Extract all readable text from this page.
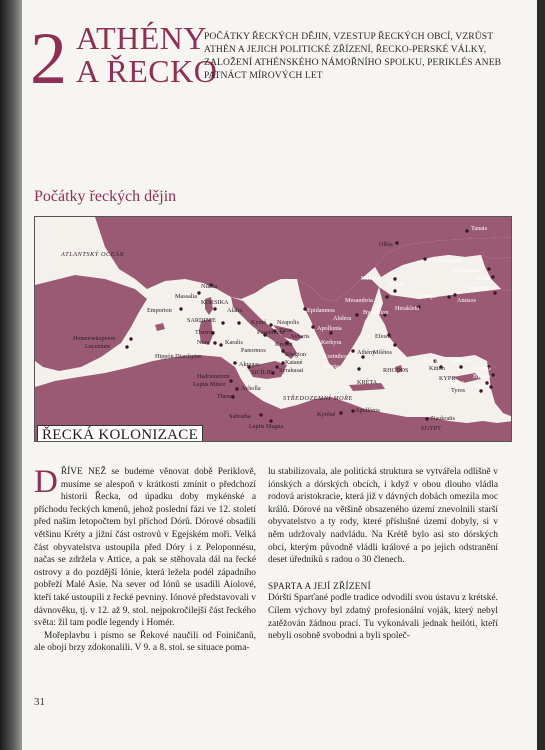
2 ATHÉNY
A ŘECKO
POČÁTKY ŘECKÝCH DĚJIN, VZESTUP ŘECKÝCH OBCÍ, VZRŮST ATHÉN A JEJICH POLITICKÉ ZŘÍZENÍ, ŘECKO-PERSKÉ VÁLKY, ZALOŽENÍ ATHÉNSKÉHO NÁMOŘNÍHO SPOLKU, PERIKLÉS ANEB PATNÁCT MÍROVÝCH LET
Počátky řeckých dějin
ATLANTSKÝ OCEÁN
STŘEDOZEMNÍ MOŘE
Tanais
Olbia
Pantikapaion
Dioskurias
Fasis
Trapezus
Kallatis
Tomoi
Mesambria
Sinope
Amisos
Herakleia
Byzantion
Nikaia
Massalia
Emporion
KORSIKA
Alalia
SARDINIE
Tharros
Nora	Karalis
Hemeroskopeion
Lucentum
Hippón Diarrhytos
Kymé Neapolis
Poseidonia
Taras
Sybaris
Krotón
Epidamnos
Apollonia
Kerkyra
Abdera
Korinthos
Athény
Sparta
Milétos
Efesos
Panormos
Rhégion
Katané
Syrakusai
Akragas
SICÍLIE
Hadrumetum
Leptis Minor
Acholla
Thenai
Sabratha
Leptis Magna
KRÉTA
RHODOS
KYPR
Fasélis
Kitión
Salamis
Aradus
Byblos
Bérytos
Sidón
Tyros
Kyréné
Apollónia
Naukratis
EGYPT
ŘECKÁ KOLONIZACE

DŘÍVE NEŽ se budeme věnovat době Periklově, musíme se alespoň v krátkosti zmínit o předchozí historii Řecka, od úpadku doby mykénské a příchodu řeckých kmenů, jehož poslední fázi ve 12. století před naším letopočtem byl příchod Dórů. Dórové obsadili většinu Kréty a jižní část ostrovů v Egejském moři. Velká část obyvatelstva ustoupila před Dóry i z Peloponnésu, načas se zdržela v Attice, a pak se stěhovala dál na řecké ostrovy a do pozdější Iónie, která ležela podél západního pobřeží Malé Asie. Na sever od Iónů se usadili Aiolové, kteří také ustoupili z řecké pevniny. Iónové představovali v dávnověku, tj. v 12. až 9. stol. nejpokročilejší část řeckého světa: žil tam podle legendy i Homér.

Mořeplavbu i písmo se Řekové naučili od Foiničanů, ale obojí brzy zdokonalili. V 9. a 8. stol. se situace poma-

lu stabilizovala, ale politická struktura se vytvářela odlišně v iónských a dórských obcích, i když v obou dlouho vládla rodová aristokracie, která již v dávných dobách omezila moc králů. Dórové na většině obsazeného území znevolnili starší obyvatelstvo a ty rody, které příslušné území dobyly, si v něm udržovaly nadvládu. Na Krétě bylo asi sto dórských obcí, kterým původně vládli králové a po jejich odstranění deset úředníků s radou o 30 členech.

SPARTA A JEJÍ ZŘÍZENÍ

Dóršti Sparťané podle tradice odvodili svou ústavu z krétské. Cílem výchovy byl zdatný profesionální voják, který nebyl zatěžován žádnou prací. Tu vykonávali jednak heilóti, kteří nebyli osobně svobodni a byli společ-

31
